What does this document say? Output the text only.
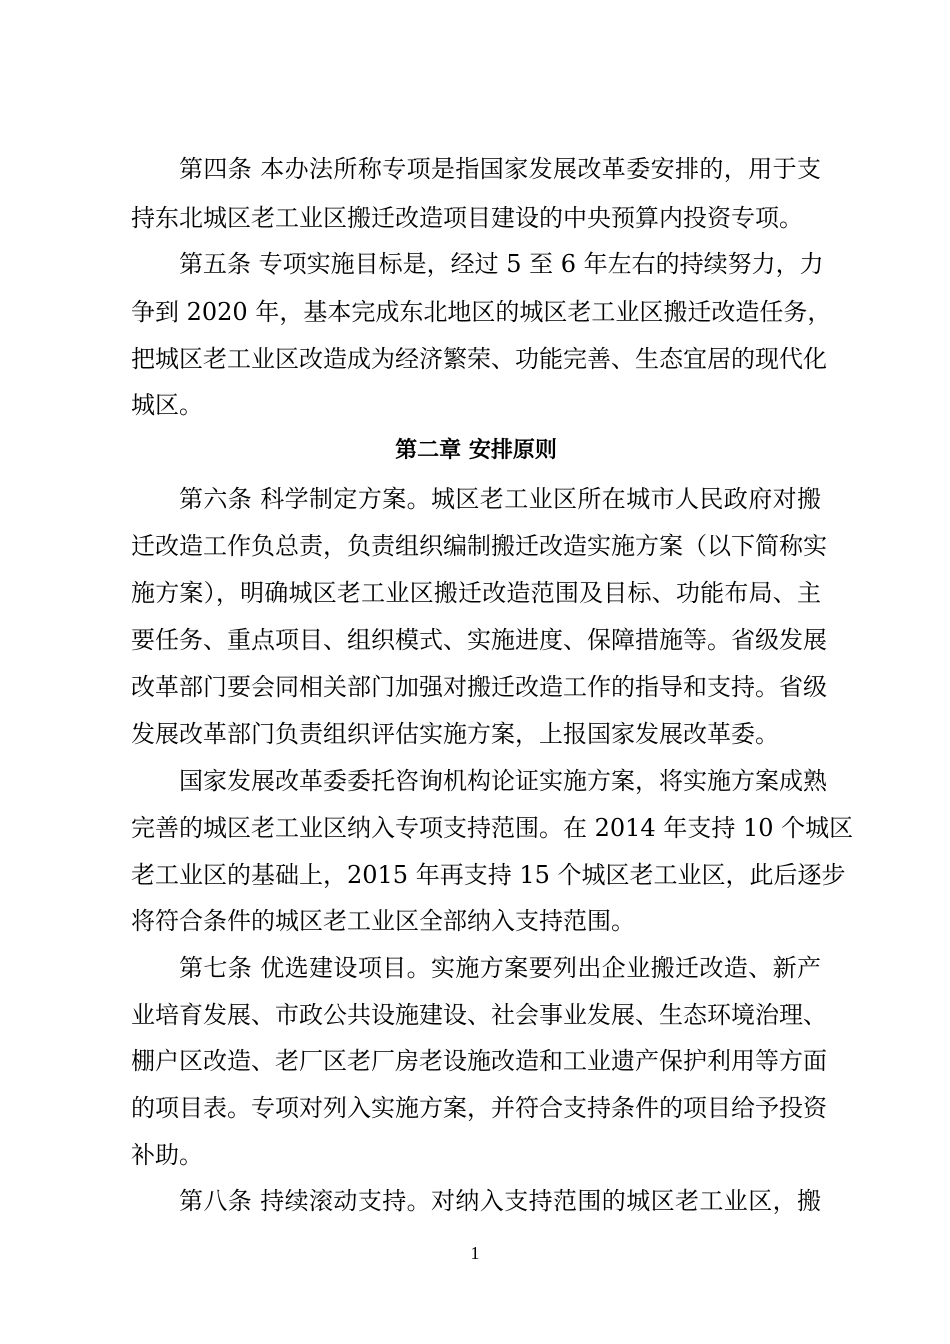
第四条 本办法所称专项是指国家发展改革委安排的，用于支
持东北城区老工业区搬迁改造项目建设的中央预算内投资专项。
第五条 专项实施目标是，经过 5 至 6 年左右的持续努力，力
争到 2020 年，基本完成东北地区的城区老工业区搬迁改造任务，
把城区老工业区改造成为经济繁荣、功能完善、生态宜居的现代化
城区。
第二章 安排原则
第六条 科学制定方案。城区老工业区所在城市人民政府对搬
迁改造工作负总责，负责组织编制搬迁改造实施方案（以下简称实
施方案），明确城区老工业区搬迁改造范围及目标、功能布局、主
要任务、重点项目、组织模式、实施进度、保障措施等。省级发展
改革部门要会同相关部门加强对搬迁改造工作的指导和支持。省级
发展改革部门负责组织评估实施方案，上报国家发展改革委。
国家发展改革委委托咨询机构论证实施方案，将实施方案成熟
完善的城区老工业区纳入专项支持范围。在 2014 年支持 10 个城区
老工业区的基础上，2015 年再支持 15 个城区老工业区，此后逐步
将符合条件的城区老工业区全部纳入支持范围。
第七条 优选建设项目。实施方案要列出企业搬迁改造、新产
业培育发展、市政公共设施建设、社会事业发展、生态环境治理、
棚户区改造、老厂区老厂房老设施改造和工业遗产保护利用等方面
的项目表。专项对列入实施方案，并符合支持条件的项目给予投资
补助。
第八条 持续滚动支持。对纳入支持范围的城区老工业区，搬
1
